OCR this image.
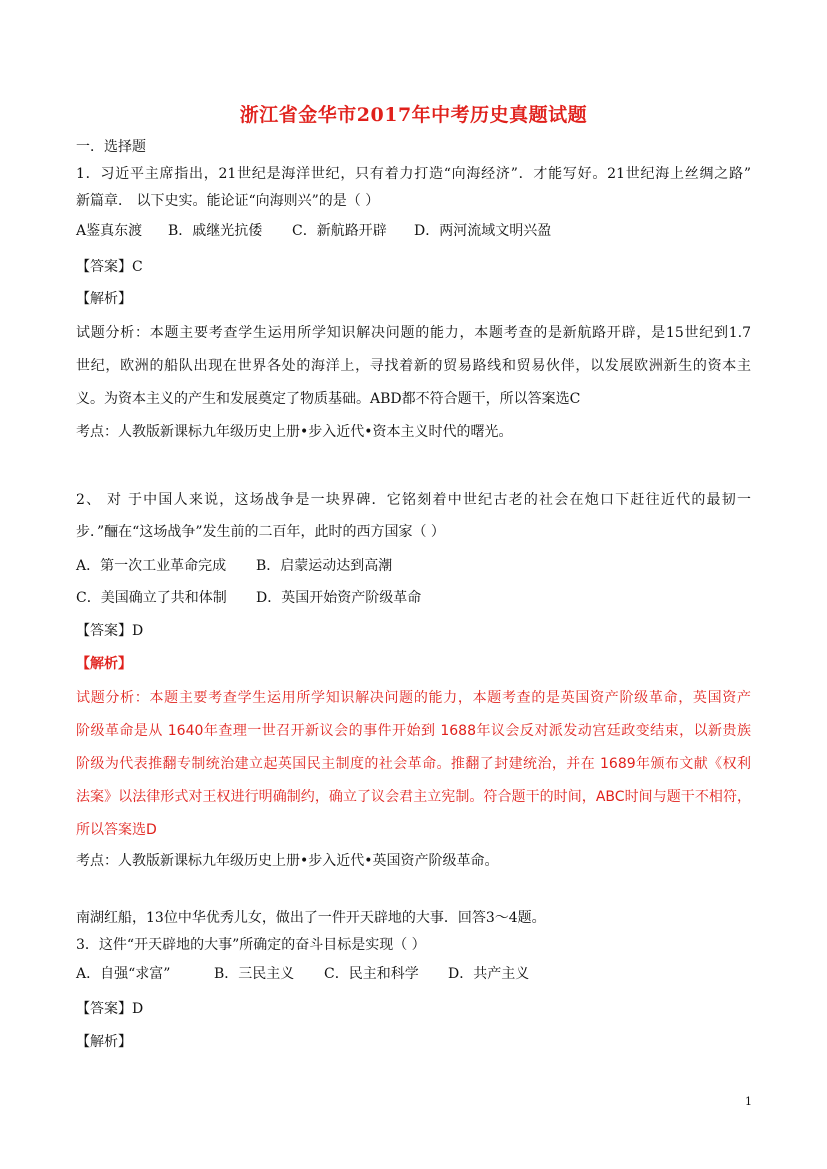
浙江省金华市2017年中考历史真题试题
一．选择题
1．习近平主席指出，21世纪是海洋世纪，只有着力打造“向海经济”．才能写好。21世纪海上丝绸之路”
新篇章． 以下史实。能论证“向海则兴”的是（ ）
A鉴真东渡 B．戚继光抗倭 C．新航路开辟 D．两河流域文明兴盈
【答案】C
【解析】
试题分析：本题主要考查学生运用所学知识解决问题的能力，本题考查的是新航路开辟，是15世纪到1.7
世纪，欧洲的船队出现在世界各处的海洋上，寻找着新的贸易路线和贸易伙伴，以发展欧洲新生的资本主
义。为资本主义的产生和发展奠定了物质基础。ABD都不符合题干，所以答案选C
考点：人教版新课标九年级历史上册•步入近代•资本主义时代的曙光。
2、 对 于中国人来说，这场战争是一块界碑．它铭刻着中世纪古老的社会在炮口下赶往近代的最韧一
步．”酾在“这场战争”发生前的二百年，此时的西方国家（ ）
A．第一次工业革命完成 B．启蒙运动达到高潮
C．美国确立了共和体制 D．英国开始资产阶级革命
【答案】D
【解析】
试题分析：本题主要考查学生运用所学知识解决问题的能力，本题考查的是英国资产阶级革命，英国资产
阶级革命是从 1640年查理一世召开新议会的事件开始到 1688年议会反对派发动宫廷政变结束，以新贵族
阶级为代表推翻专制统治建立起英国民主制度的社会革命。推翻了封建统治，并在 1689年颁布文献《权利
法案》以法律形式对王权进行明确制约，确立了议会君主立宪制。符合题干的时间，ABC时间与题干不相符，
所以答案选D
考点：人教版新课标九年级历史上册•步入近代•英国资产阶级革命。
南湖红船，13位中华优秀儿女，做出了一件开天辟地的大事．回答3～4题。
3．这件“开天辟地的大事”所确定的奋斗目标是实现（ ）
A．自强“求富”	B．三民主义 C．民主和科学 D．共产主义
【答案】D
【解析】
1
